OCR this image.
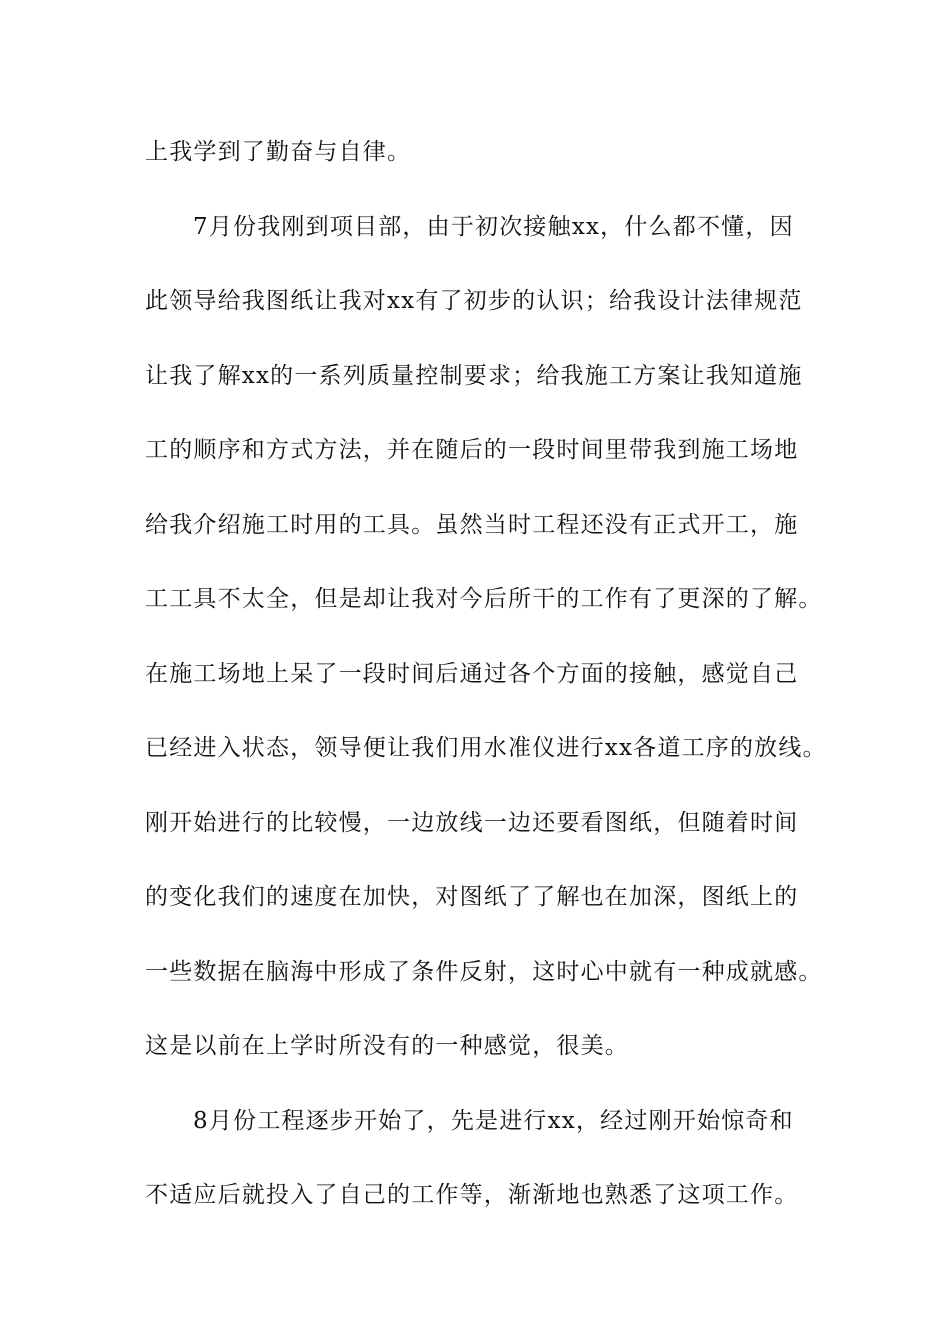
上我学到了勤奋与自律。
7月份我刚到项目部，由于初次接触xx，什么都不懂，因
此领导给我图纸让我对xx有了初步的认识；给我设计法律规范
让我了解xx的一系列质量控制要求；给我施工方案让我知道施
工的顺序和方式方法，并在随后的一段时间里带我到施工场地
给我介绍施工时用的工具。虽然当时工程还没有正式开工，施
工工具不太全，但是却让我对今后所干的工作有了更深的了解。
在施工场地上呆了一段时间后通过各个方面的接触，感觉自己
已经进入状态，领导便让我们用水准仪进行xx各道工序的放线。
刚开始进行的比较慢，一边放线一边还要看图纸，但随着时间
的变化我们的速度在加快，对图纸了了解也在加深，图纸上的
一些数据在脑海中形成了条件反射，这时心中就有一种成就感。
这是以前在上学时所没有的一种感觉，很美。
8月份工程逐步开始了，先是进行xx，经过刚开始惊奇和
不适应后就投入了自己的工作等，渐渐地也熟悉了这项工作。
